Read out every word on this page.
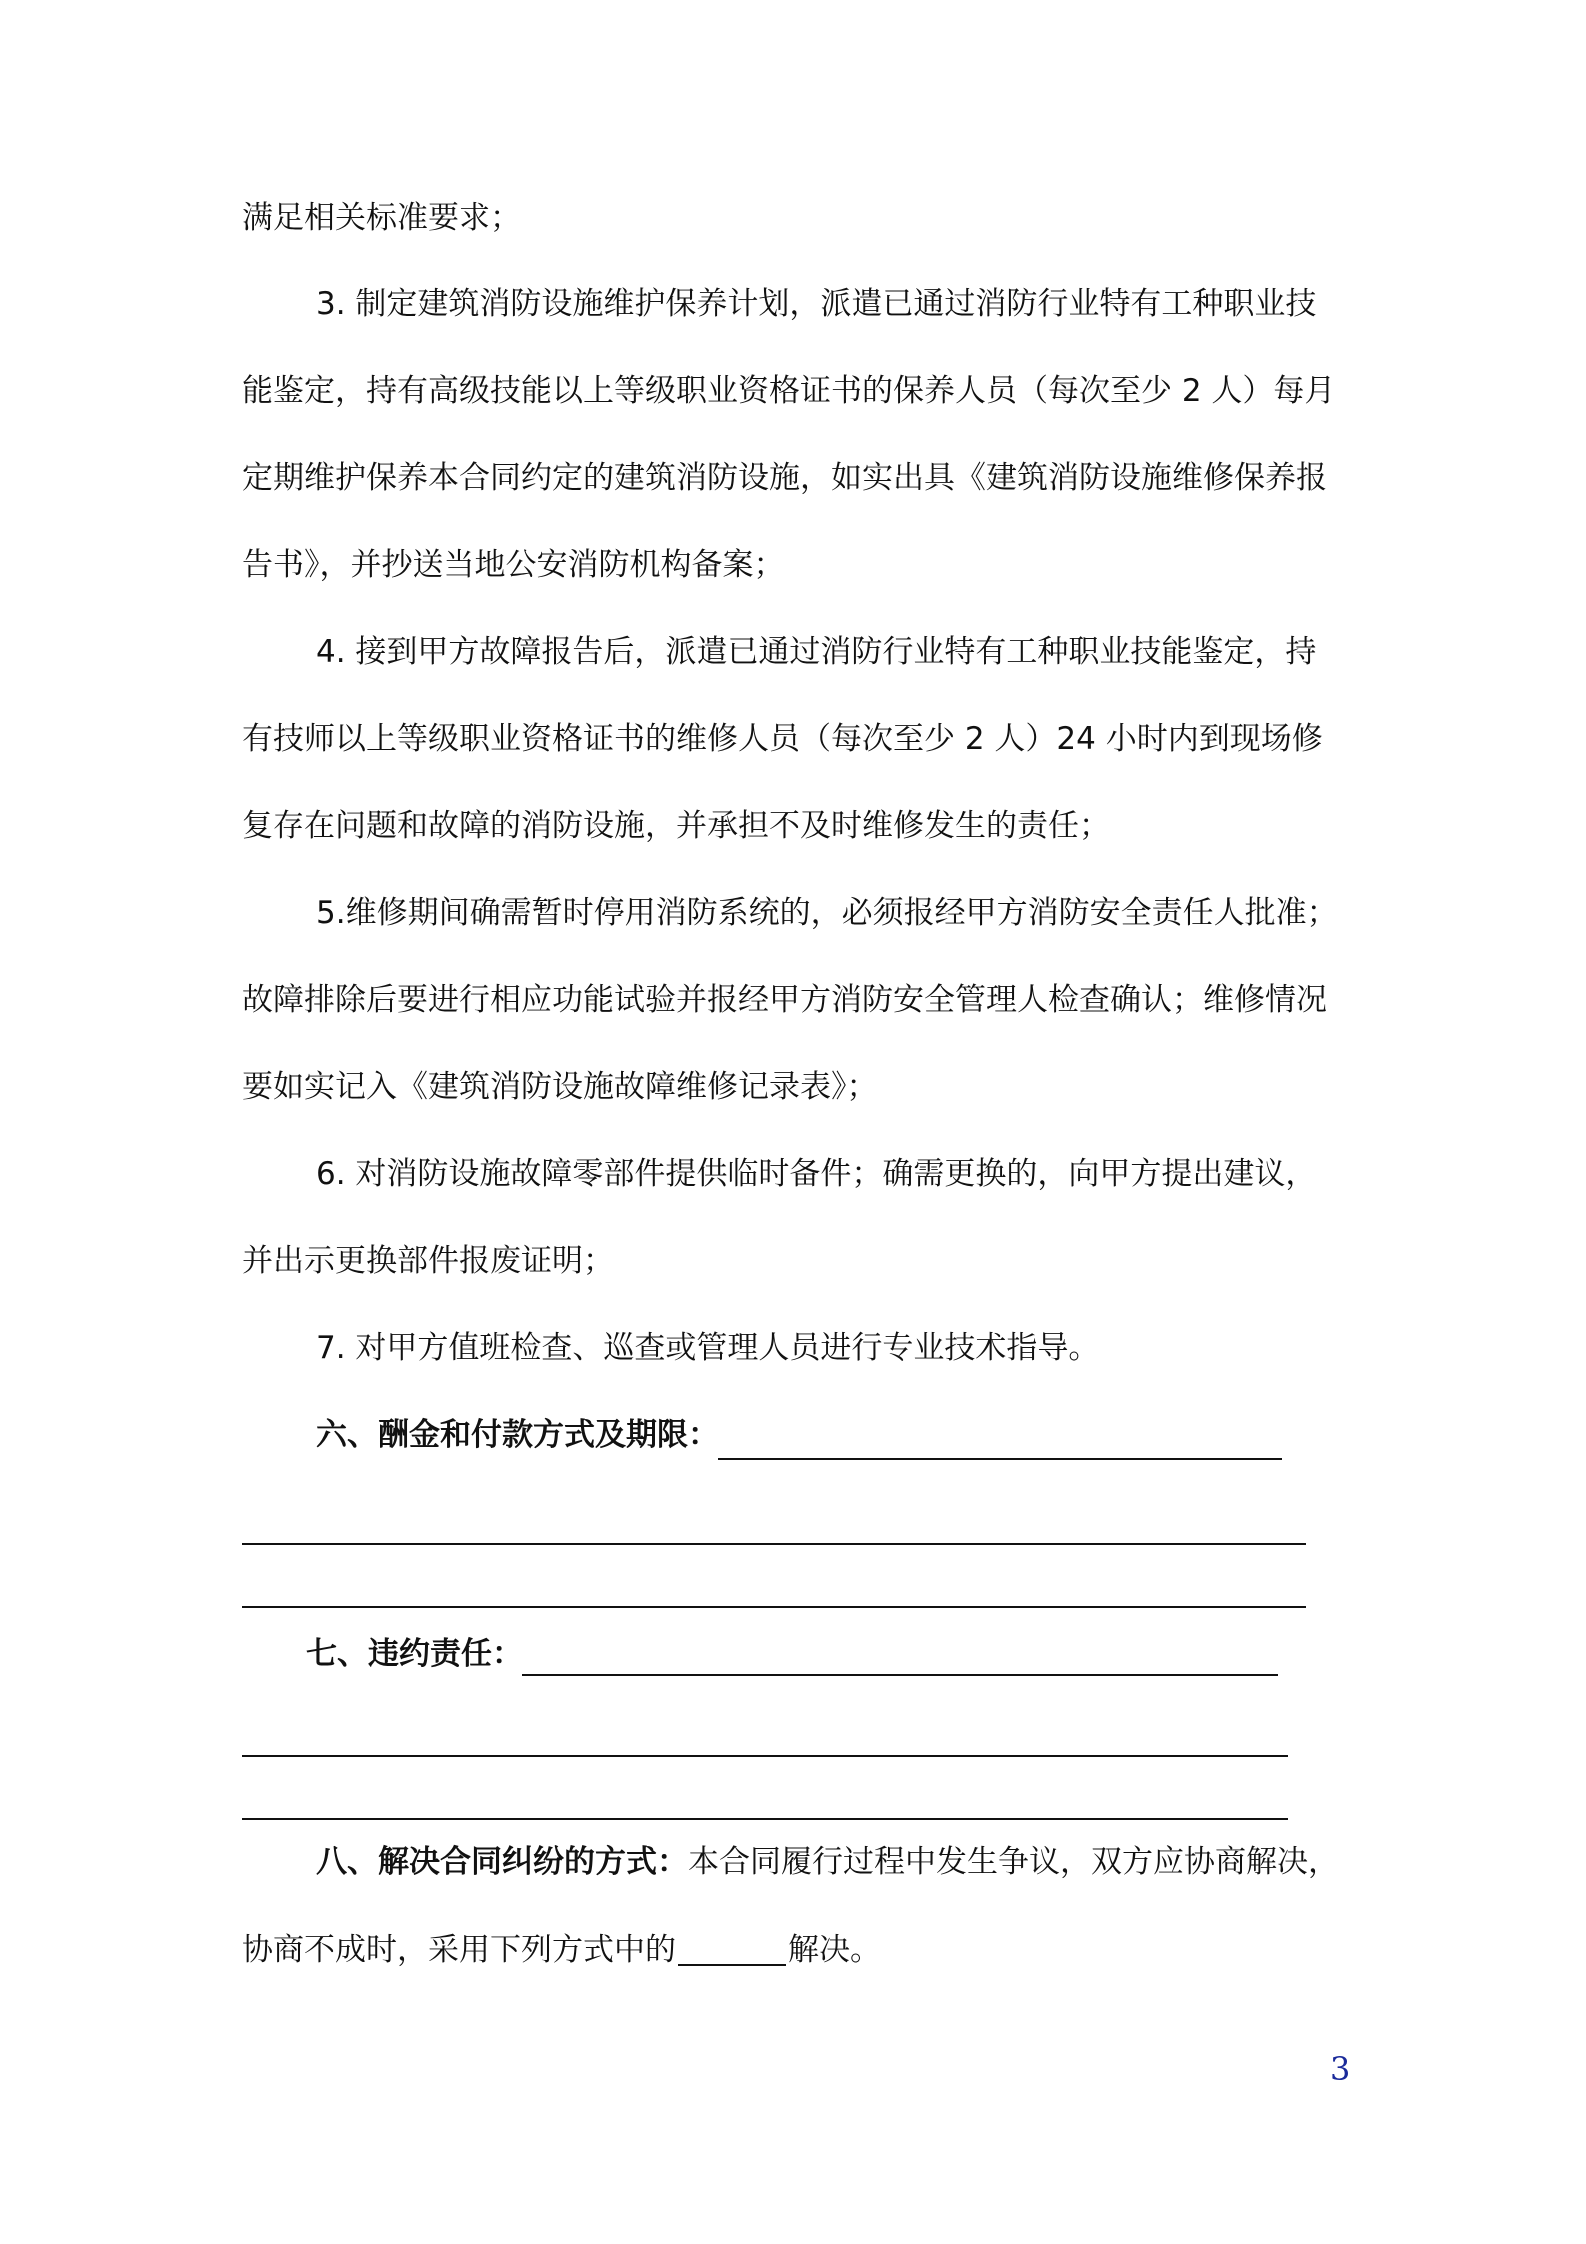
满足相关标准要求；
3. 制定建筑消防设施维护保养计划，派遣已通过消防行业特有工种职业技
能鉴定，持有高级技能以上等级职业资格证书的保养人员（每次至少 2 人）每月
定期维护保养本合同约定的建筑消防设施，如实出具《建筑消防设施维修保养报
告书》，并抄送当地公安消防机构备案；
4. 接到甲方故障报告后，派遣已通过消防行业特有工种职业技能鉴定，持
有技师以上等级职业资格证书的维修人员（每次至少 2 人）24 小时内到现场修
复存在问题和故障的消防设施，并承担不及时维修发生的责任；
5.维修期间确需暂时停用消防系统的，必须报经甲方消防安全责任人批准；
故障排除后要进行相应功能试验并报经甲方消防安全管理人检查确认；维修情况
要如实记入《建筑消防设施故障维修记录表》；
6. 对消防设施故障零部件提供临时备件；确需更换的，向甲方提出建议，
并出示更换部件报废证明；
7. 对甲方值班检查、巡查或管理人员进行专业技术指导。
六、酬金和付款方式及期限：
七、违约责任：
八、解决合同纠纷的方式：本合同履行过程中发生争议，双方应协商解决，
协商不成时，采用下列方式中的	解决。
3
